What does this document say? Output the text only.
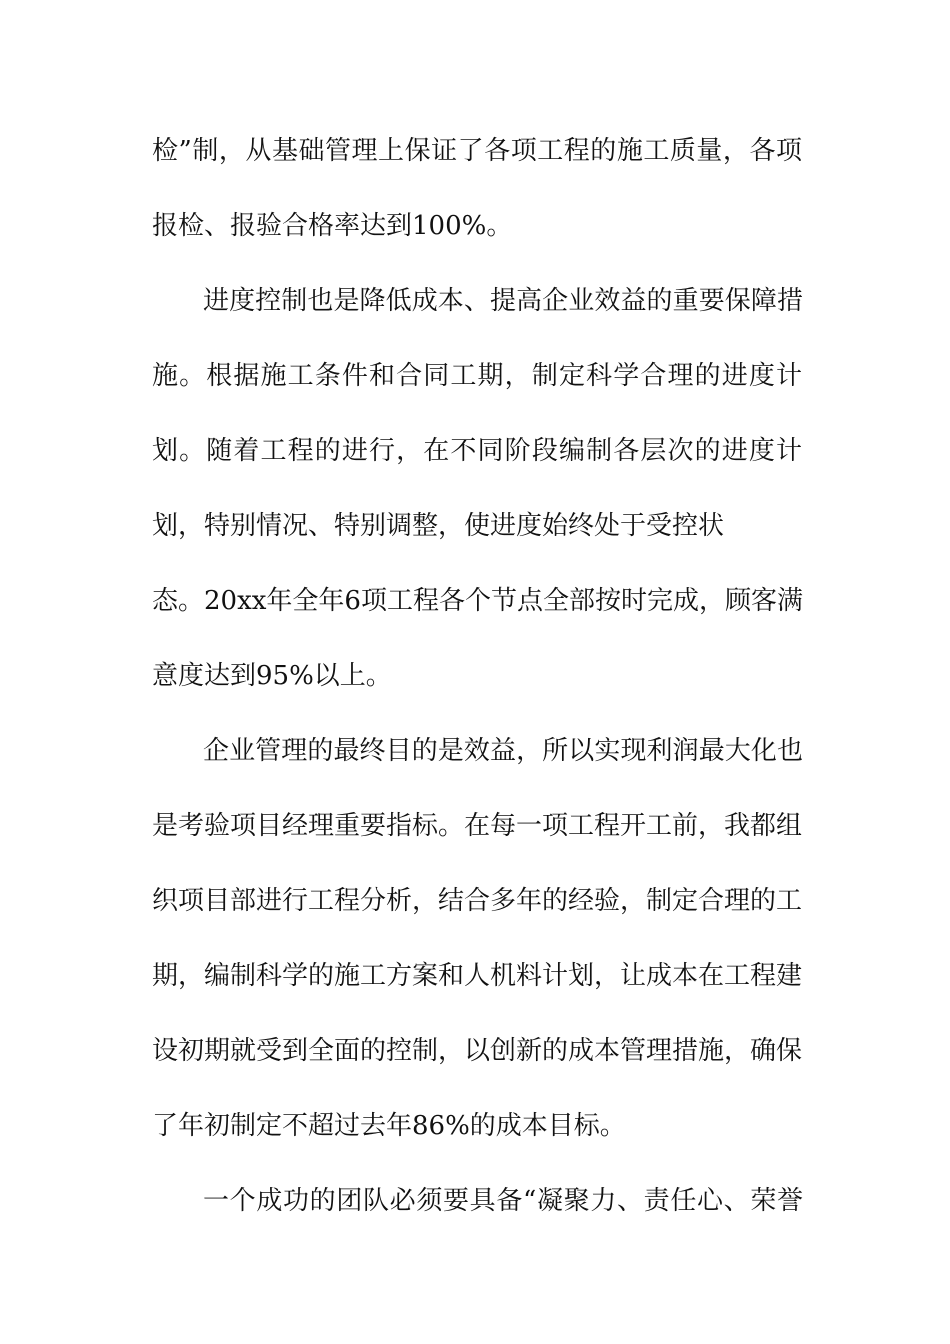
检”制，从基础管理上保证了各项工程的施工质量，各项
报检、报验合格率达到100%。
进度控制也是降低成本、提高企业效益的重要保障措
施。根据施工条件和合同工期，制定科学合理的进度计
划。随着工程的进行，在不同阶段编制各层次的进度计
划，特别情况、特别调整，使进度始终处于受控状
态。20xx年全年6项工程各个节点全部按时完成，顾客满
意度达到95%以上。
企业管理的最终目的是效益，所以实现利润最大化也
是考验项目经理重要指标。在每一项工程开工前，我都组
织项目部进行工程分析，结合多年的经验，制定合理的工
期，编制科学的施工方案和人机料计划，让成本在工程建
设初期就受到全面的控制，以创新的成本管理措施，确保
了年初制定不超过去年86%的成本目标。
一个成功的团队必须要具备“凝聚力、责任心、荣誉
